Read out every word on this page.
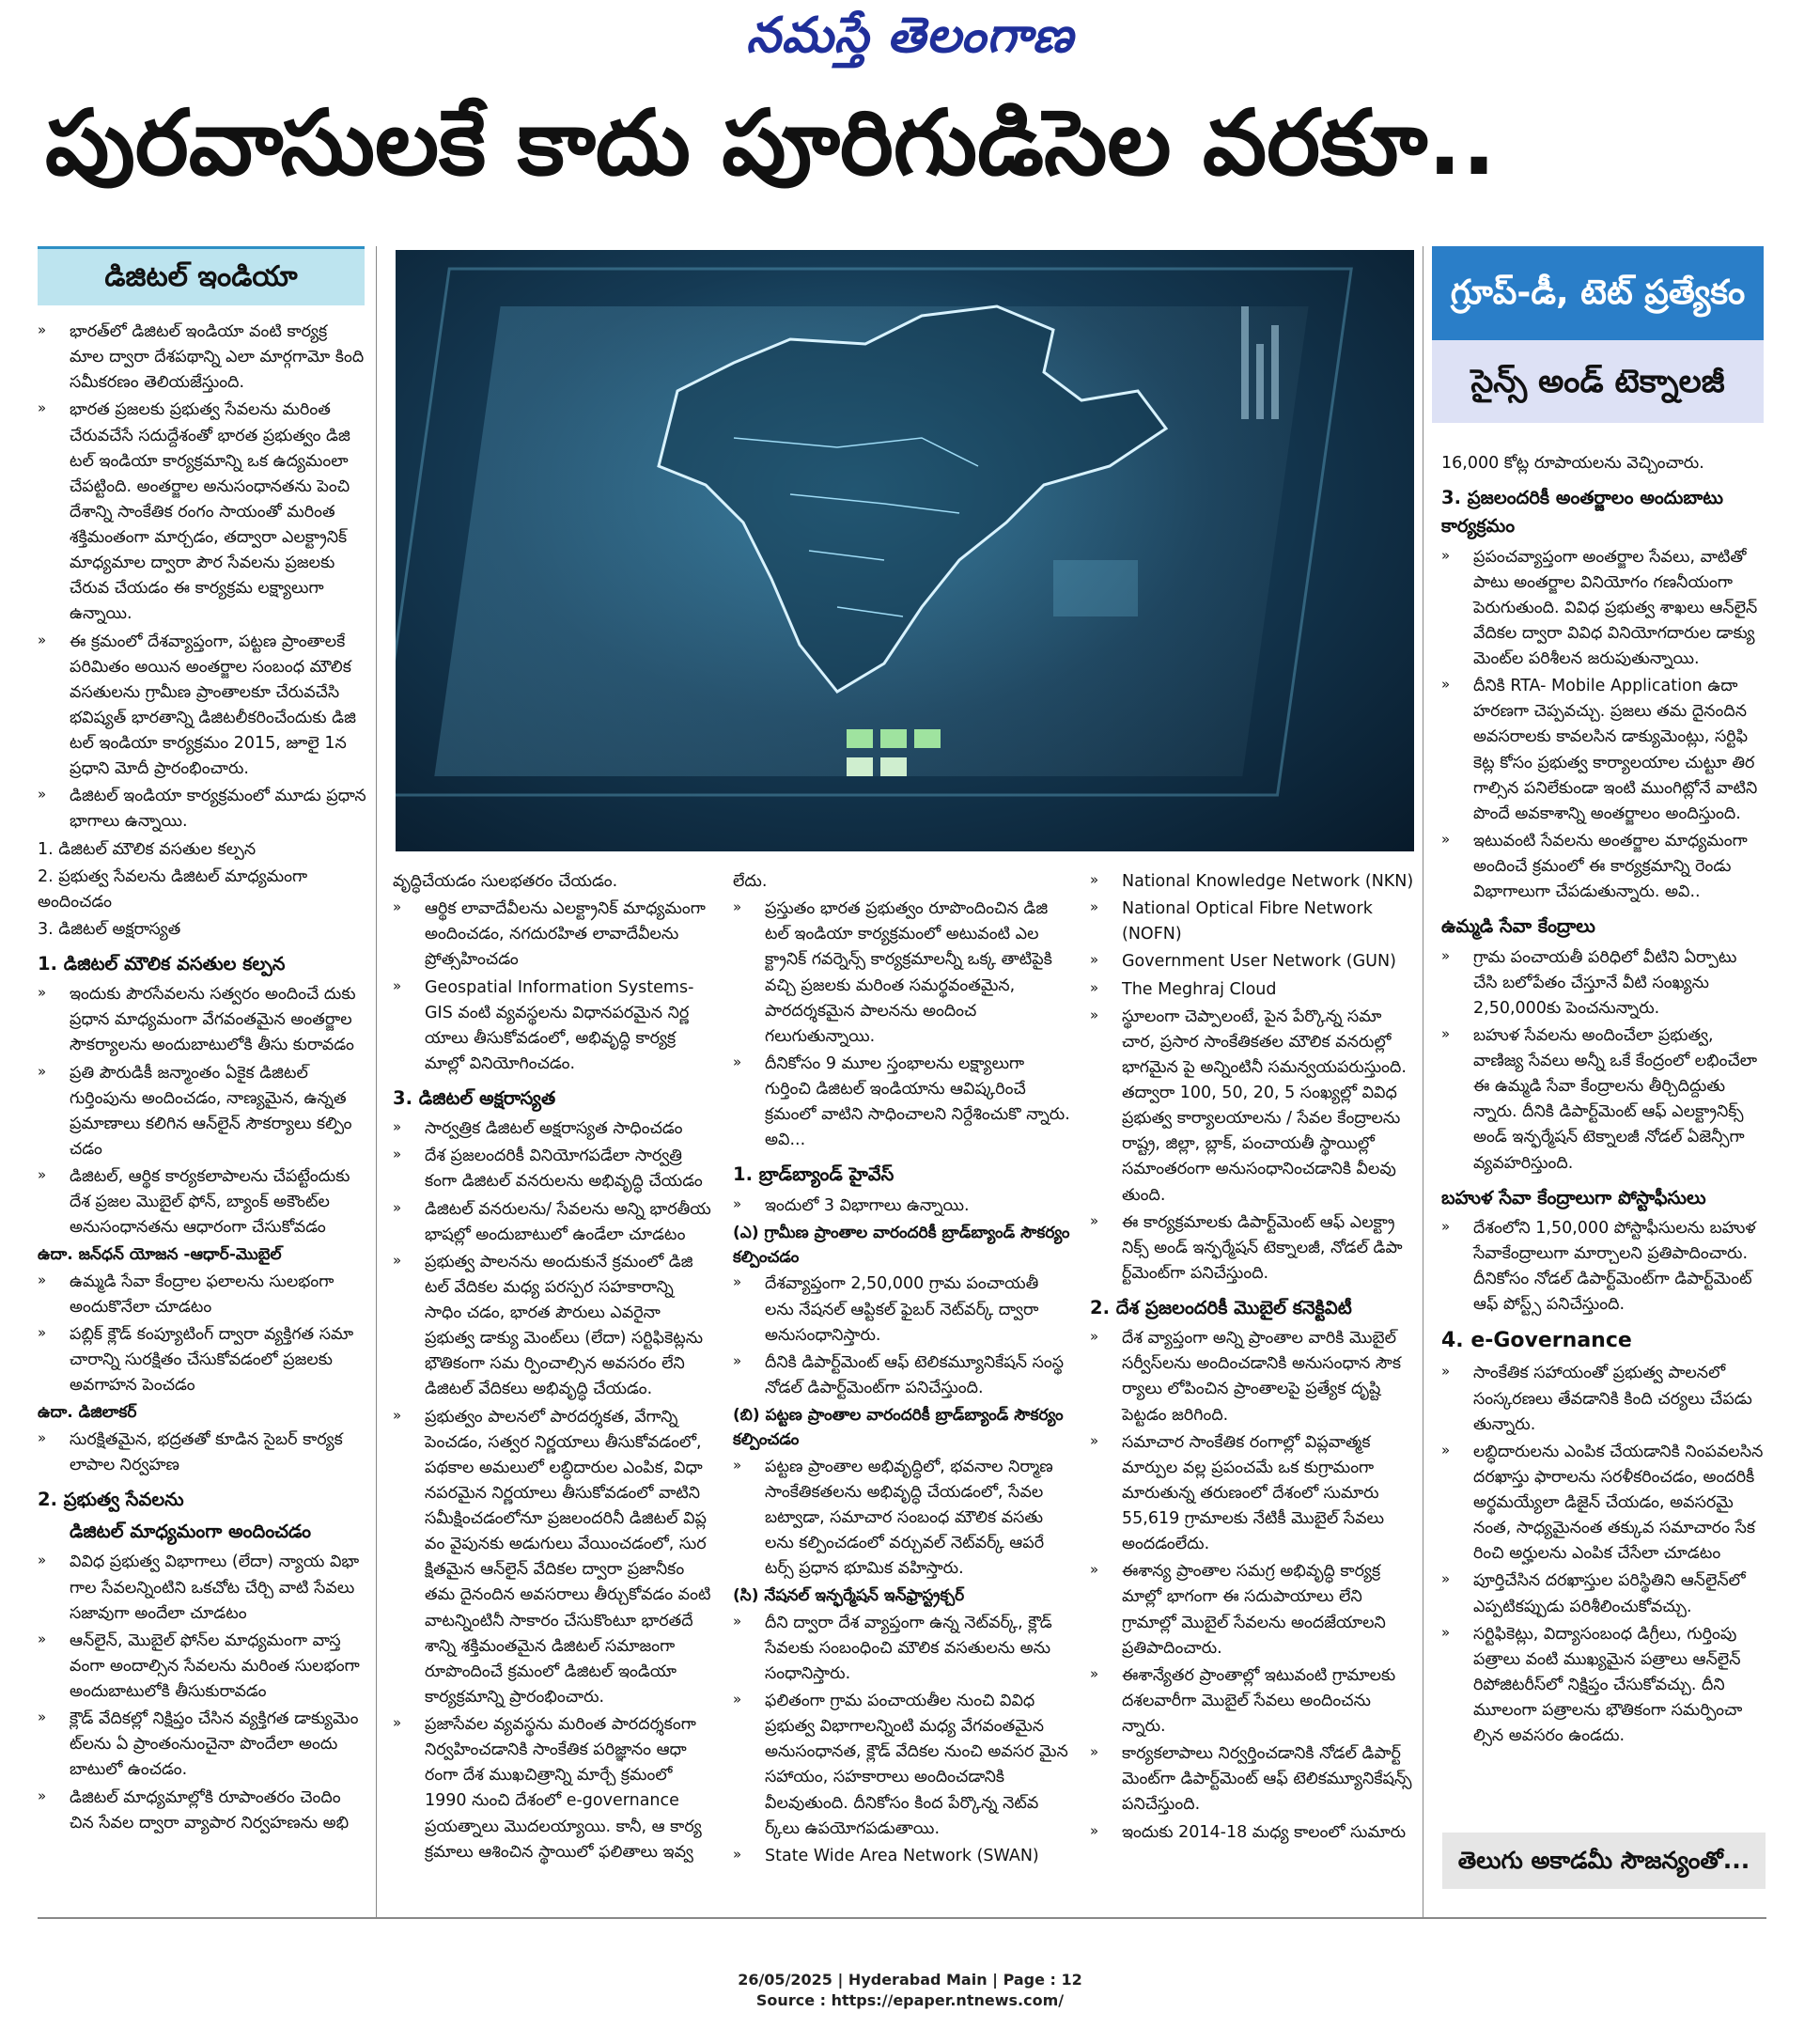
నమస్తే తెలంగాణ
పురవాసులకే కాదు పూరిగుడిసెల వరకూ..
డిజిటల్ ఇండియా	గ్రూప్-డీ, టెట్ ప్రత్యేకం
సైన్స్ అండ్ టెక్నాలజీ
» భారత్‌లో డిజిటల్ ఇండియా వంటి కార్యక్ర మాల ద్వారా దేశపథాన్ని ఎలా మార్గగామో కింది సమీకరణం తెలియజేస్తుంది.
» భారత ప్రజలకు ప్రభుత్వ సేవలను మరింత చేరువచేసే సదుద్దేశంతో భారత ప్రభుత్వం డిజి టల్ ఇండియా కార్యక్రమాన్ని ఒక ఉద్యమంలా చేపట్టింది. అంతర్జాల అనుసంధానతను పెంచి దేశాన్ని సాంకేతిక రంగం సాయంతో మరింత శక్తిమంతంగా మార్చడం, తద్వారా ఎలక్ట్రానిక్ మాధ్యమాల ద్వారా పౌర సేవలను ప్రజలకు చేరువ చేయడం ఈ కార్యక్రమ లక్ష్యాలుగా ఉన్నాయి.
» ఈ క్రమంలో దేశవ్యాప్తంగా, పట్టణ ప్రాంతాలకే పరిమితం అయిన అంతర్జాల సంబంధ మౌలిక వసతులను గ్రామీణ ప్రాంతాలకూ చేరువచేసి భవిష్యత్ భారతాన్ని డిజిటలీకరించేందుకు డిజి టల్ ఇండియా కార్యక్రమం 2015, జూలై 1న ప్రధాని మోదీ ప్రారంభించారు.
» డిజిటల్ ఇండియా కార్యక్రమంలో మూడు ప్రధాన భాగాలు ఉన్నాయి.

1. డిజిటల్ మౌలిక వసతుల కల్పన

2. ప్రభుత్వ సేవలను డిజిటల్ మాధ్యమంగా అందించడం

3. డిజిటల్ అక్షరాస్యత

1. డిజిటల్ మౌలిక వసతుల కల్పన
» ఇందుకు పౌరసేవలను సత్వరం అందించే దుకు ప్రధాన మాధ్యమంగా వేగవంతమైన అంతర్జాల సౌకర్యాలను అందుబాటులోకి తీసు కురావడం
» ప్రతి పౌరుడికీ జన్మాంతం ఏకైక డిజిటల్ గుర్తింపును అందించడం, నాణ్యమైన, ఉన్నత ప్రమాణాలు కలిగిన ఆన్‌లైన్ సౌకర్యాలు కల్పిం చడం
» డిజిటల్, ఆర్థిక కార్యకలాపాలను చేపట్టేందుకు దేశ ప్రజల మొబైల్ ఫోన్, బ్యాంక్ అకౌంట్‌ల అనుసంధానతను ఆధారంగా చేసుకోవడం
ఉదా. జన్‌ధన్ యోజన -ఆధార్-మొబైల్
» ఉమ్మడి సేవా కేంద్రాల ఫలాలను సులభంగా అందుకొనేలా చూడటం
» పబ్లిక్ క్లౌడ్ కంప్యూటింగ్ ద్వారా వ్యక్తిగత సమా చారాన్ని సురక్షితం చేసుకోవడంలో ప్రజలకు అవగాహన పెంచడం
ఉదా. డిజిలాకర్
» సురక్షితమైన, భద్రతతో కూడిన సైబర్ కార్యక లాపాల నిర్వహణ
2. ప్రభుత్వ సేవలను
డిజిటల్ మాధ్యమంగా అందించడం
» వివిధ ప్రభుత్వ విభాగాలు (లేదా) న్యాయ విభా గాల సేవలన్నింటిని ఒకచోట చేర్చి వాటి సేవలు సజావుగా అందేలా చూడటం
» ఆన్‌లైన్, మొబైల్ ఫోన్‌ల మాధ్యమంగా వాస్త వంగా అందాల్సిన సేవలను మరింత సులభంగా అందుబాటులోకి తీసుకురావడం
» క్లౌడ్ వేదికల్లో నిక్షిప్తం చేసిన వ్యక్తిగత డాక్యుమెం ట్‌లను ఏ ప్రాంతంనుంచైనా పొందేలా అందు బాటులో ఉంచడం.
» డిజిటల్ మాధ్యమాల్లోకి రూపాంతరం చెందిం చిన సేవల ద్వారా వ్యాపార నిర్వహణను అభి

వృద్ధిచేయడం సులభతరం చేయడం.

» ఆర్థిక లావాదేవీలను ఎలక్ట్రానిక్ మాధ్యమంగా అందించడం, నగదురహిత లావాదేవీలను ప్రోత్సహించడం
» Geospatial Information Systems- GIS వంటి వ్యవస్థలను విధానపరమైన నిర్ణ యాలు తీసుకోవడంలో, అభివృద్ధి కార్యక్ర మాల్లో వినియోగించడం.
3. డిజిటల్ అక్షరాస్యత
» సార్వత్రిక డిజిటల్ అక్షరాస్యత సాధించడం
» దేశ ప్రజలందరికీ వినియోగపడేలా సార్వత్రి కంగా డిజిటల్ వనరులను అభివృద్ధి చేయడం
» డిజిటల్ వనరులను/ సేవలను అన్ని భారతీయ భాషల్లో అందుబాటులో ఉండేలా చూడటం
» ప్రభుత్వ పాలనను అందుకునే క్రమంలో డిజి టల్ వేదికల మధ్య పరస్పర సహకారాన్ని సాధిం చడం, భారత పౌరులు ఎవరైనా ప్రభుత్వ డాక్యు మెంట్‌లు (లేదా) సర్టిఫికెట్లను భౌతికంగా సమ ర్పించాల్సిన అవసరం లేని డిజిటల్ వేదికలు అభివృద్ధి చేయడం.
» ప్రభుత్వం పాలనలో పారదర్శకత, వేగాన్ని పెంచడం, సత్వర నిర్ణయాలు తీసుకోవడంలో, పథకాల అమలులో లబ్ధిదారుల ఎంపిక, విధా నపరమైన నిర్ణయాలు తీసుకోవడంలో వాటిని సమీక్షించడంలోనూ ప్రజలందరినీ డిజిటల్ విప్ల వం వైపునకు అడుగులు వేయించడంలో, సుర క్షితమైన ఆన్‌లైన్ వేదికల ద్వారా ప్రజానీకం తమ దైనందిన అవసరాలు తీర్చుకోవడం వంటి వాటన్నింటినీ సాకారం చేసుకొంటూ భారతదే శాన్ని శక్తిమంతమైన డిజిటల్ సమాజంగా రూపొందించే క్రమంలో డిజిటల్ ఇండియా కార్యక్రమాన్ని ప్రారంభించారు.
» ప్రజాసేవల వ్యవస్థను మరింత పారదర్శకంగా నిర్వహించడానికి సాంకేతిక పరిజ్ఞానం ఆధా రంగా దేశ ముఖచిత్రాన్ని మార్చే క్రమంలో 1990 నుంచి దేశంలో e-governance ప్రయత్నాలు మొదలయ్యాయి. కానీ, ఆ కార్య క్రమాలు ఆశించిన స్థాయిలో ఫలితాలు ఇవ్వ

లేదు.

» ప్రస్తుతం భారత ప్రభుత్వం రూపొందించిన డిజి టల్ ఇండియా కార్యక్రమంలో అటువంటి ఎల క్ట్రానిక్ గవర్నెన్స్ కార్యక్రమాలన్నీ ఒక్క తాటిపైకి వచ్చి ప్రజలకు మరింత సమర్థవంతమైన, పారదర్శకమైన పాలనను అందించ గలుగుతున్నాయి.
» దీనికోసం 9 మూల స్తంభాలను లక్ష్యాలుగా గుర్తించి డిజిటల్ ఇండియాను ఆవిష్కరించే క్రమంలో వాటిని సాధించాలని నిర్దేశించుకొ న్నారు. అవి...
1. బ్రాడ్‌బ్యాండ్ హైవేస్
» ఇందులో 3 విభాగాలు ఉన్నాయి.
(ఎ) గ్రామీణ ప్రాంతాల వారందరికీ బ్రాడ్‌బ్యాండ్ సౌకర్యం కల్పించడం
» దేశవ్యాప్తంగా 2,50,000 గ్రామ పంచాయతీ లను నేషనల్ ఆప్టికల్ ఫైబర్ నెట్‌వర్క్ ద్వారా అనుసంధానిస్తారు.
» దీనికి డిపార్ట్‌మెంట్ ఆఫ్ టెలికమ్యూనికేషన్ సంస్థ నోడల్ డిపార్ట్‌మెంట్‌గా పనిచేస్తుంది.
(బి) పట్టణ ప్రాంతాల వారందరికీ బ్రాడ్‌బ్యాండ్ సౌకర్యం కల్పించడం
» పట్టణ ప్రాంతాల అభివృద్ధిలో, భవనాల నిర్మాణ సాంకేతికతలను అభివృద్ధి చేయడంలో, సేవల బట్వాడా, సమాచార సంబంధ మౌలిక వసతు లను కల్పించడంలో వర్చువల్ నెట్‌వర్క్ ఆపరే టర్స్ ప్రధాన భూమిక వహిస్తారు.
(సి) నేషనల్ ఇన్ఫర్మేషన్ ఇన్‌ఫ్రాస్ట్రక్చర్
» దీని ద్వారా దేశ వ్యాప్తంగా ఉన్న నెట్‌వర్క్, క్లౌడ్ సేవలకు సంబంధించి మౌలిక వసతులను అను సంధానిస్తారు.
» ఫలితంగా గ్రామ పంచాయతీల నుంచి వివిధ ప్రభుత్వ విభాగాలన్నింటి మధ్య వేగవంతమైన అనుసంధానత, క్లౌడ్ వేదికల నుంచి అవసర మైన సహాయం, సహకారాలు అందించడానికి వీలవుతుంది. దీనికోసం కింద పేర్కొన్న నెట్‌వ ర్క్‌లు ఉపయోగపడుతాయి.
» State Wide Area Network (SWAN)
» National Knowledge Network (NKN)
» National Optical Fibre Network (NOFN)
» Government User Network (GUN)
» The Meghraj Cloud
» స్థూలంగా చెప్పాలంటే, పైన పేర్కొన్న సమా చార, ప్రసార సాంకేతికతల మౌలిక వనరుల్లో భాగమైన పై అన్నింటినీ సమన్వయపరుస్తుంది. తద్వారా 100, 50, 20, 5 సంఖ్యల్లో వివిధ ప్రభుత్వ కార్యాలయాలను / సేవల కేంద్రాలను రాష్ట్ర, జిల్లా, బ్లాక్, పంచాయతీ స్థాయిల్లో సమాంతరంగా అనుసంధానించడానికి వీలవు తుంది.
» ఈ కార్యక్రమాలకు డిపార్ట్‌మెంట్ ఆఫ్ ఎలక్ట్రా నిక్స్ అండ్ ఇన్ఫర్మేషన్ టెక్నాలజీ, నోడల్ డిపా ర్ట్‌మెంట్‌గా పనిచేస్తుంది.
2. దేశ ప్రజలందరికీ మొబైల్ కనెక్టివిటీ
» దేశ వ్యాప్తంగా అన్ని ప్రాంతాల వారికి మొబైల్ సర్వీస్‌లను అందించడానికి అనుసంధాన సౌక ర్యాలు లోపించిన ప్రాంతాలపై ప్రత్యేక దృష్టి పెట్టడం జరిగింది.
» సమాచార సాంకేతిక రంగాల్లో విప్లవాత్మక మార్పుల వల్ల ప్రపంచమే ఒక కుగ్రామంగా మారుతున్న తరుణంలో దేశంలో సుమారు 55,619 గ్రామాలకు నేటికీ మొబైల్ సేవలు అందడంలేదు.
» ఈశాన్య ప్రాంతాల సమగ్ర అభివృద్ధి కార్యక్ర మాల్లో భాగంగా ఈ సదుపాయాలు లేని గ్రామాల్లో మొబైల్ సేవలను అందజేయాలని ప్రతిపాదించారు.
» ఈశాన్యేతర ప్రాంతాల్లో ఇటువంటి గ్రామాలకు దశలవారీగా మొబైల్ సేవలు అందించను న్నారు.
» కార్యకలాపాలు నిర్వర్తించడానికి నోడల్ డిపార్ట్ మెంట్‌గా డిపార్ట్‌మెంట్ ఆఫ్ టెలికమ్యూనికేషన్స్ పనిచేస్తుంది.
» ఇందుకు 2014-18 మధ్య కాలంలో సుమారు

16,000 కోట్ల రూపాయలను వెచ్చించారు.

3. ప్రజలందరికీ అంతర్జాలం అందుబాటు కార్యక్రమం
» ప్రపంచవ్యాప్తంగా అంతర్జాల సేవలు, వాటితో పాటు అంతర్జాల వినియోగం గణనీయంగా పెరుగుతుంది. వివిధ ప్రభుత్వ శాఖలు ఆన్‌లైన్ వేదికల ద్వారా వివిధ వినియోగదారుల డాక్యు మెంట్‌ల పరిశీలన జరుపుతున్నాయి.
» దీనికి RTA- Mobile Application ఉదా హరణగా చెప్పవచ్చు. ప్రజలు తమ దైనందిన అవసరాలకు కావలసిన డాక్యుమెంట్లు, సర్టిఫి కెట్ల కోసం ప్రభుత్వ కార్యాలయాల చుట్టూ తిర గాల్సిన పనిలేకుండా ఇంటి ముంగిట్లోనే వాటిని పొందే అవకాశాన్ని అంతర్జాలం అందిస్తుంది.
» ఇటువంటి సేవలను అంతర్జాల మాధ్యమంగా అందించే క్రమంలో ఈ కార్యక్రమాన్ని రెండు విభాగాలుగా చేపడుతున్నారు. అవి..
ఉమ్మడి సేవా కేంద్రాలు
» గ్రామ పంచాయతీ పరిధిలో వీటిని ఏర్పాటు చేసి బలోపేతం చేస్తూనే వీటి సంఖ్యను 2,50,000కు పెంచనున్నారు.
» బహుళ సేవలను అందించేలా ప్రభుత్వ, వాణిజ్య సేవలు అన్నీ ఒకే కేంద్రంలో లభించేలా ఈ ఉమ్మడి సేవా కేంద్రాలను తీర్చిదిద్దుతు న్నారు. దీనికి డిపార్ట్‌మెంట్ ఆఫ్ ఎలక్ట్రానిక్స్ అండ్ ఇన్ఫర్మేషన్ టెక్నాలజీ నోడల్ ఏజెన్సీగా వ్యవహరిస్తుంది.
బహుళ సేవా కేంద్రాలుగా పోస్టాఫీసులు
» దేశంలోని 1,50,000 పోస్టాఫీసులను బహుళ సేవాకేంద్రాలుగా మార్చాలని ప్రతిపాదించారు. దీనికోసం నోడల్ డిపార్ట్‌మెంట్‌గా డిపార్ట్‌మెంట్ ఆఫ్ పోస్ట్స్ పనిచేస్తుంది.
4. e-Governance
» సాంకేతిక సహాయంతో ప్రభుత్వ పాలనలో సంస్కరణలు తేవడానికి కింది చర్యలు చేపడు తున్నారు.
» లబ్ధిదారులను ఎంపిక చేయడానికి నింపవలసిన దరఖాస్తు ఫారాలను సరళీకరించడం, అందరికీ అర్థమయ్యేలా డిజైన్ చేయడం, అవసరమై నంత, సాధ్యమైనంత తక్కువ సమాచారం సేక రించి అర్హులను ఎంపిక చేసేలా చూడటం
» పూర్తిచేసిన దరఖాస్తుల పరిస్థితిని ఆన్‌లైన్‌లో ఎప్పటికప్పుడు పరిశీలించుకోవచ్చు.
» సర్టిఫికెట్లు, విద్యాసంబంధ డిగ్రీలు, గుర్తింపు పత్రాలు వంటి ముఖ్యమైన పత్రాలు ఆన్‌లైన్ రిపోజిటరీస్‌లో నిక్షిప్తం చేసుకోవచ్చు. దీని మూలంగా పత్రాలను భౌతికంగా సమర్పించా ల్సిన అవసరం ఉండదు.
తెలుగు అకాడమీ సౌజన్యంతో...
26/05/2025 | Hyderabad Main | Page : 12
Source : https://epaper.ntnews.com/
